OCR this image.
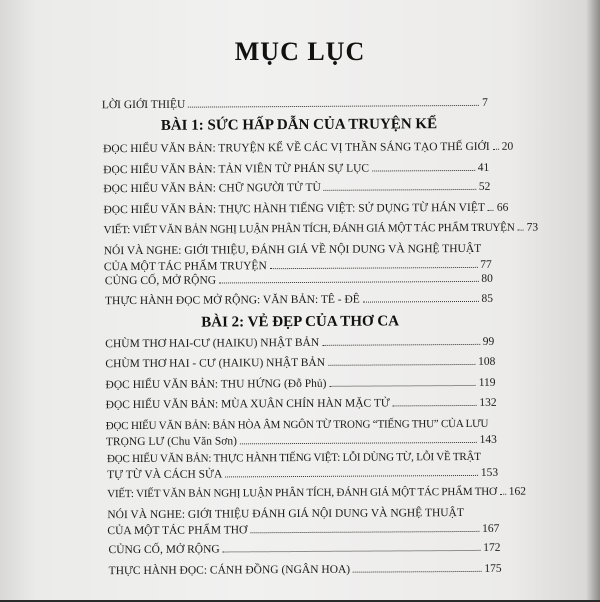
MỤC LỤC
LỜI GIỚI THIỆU	7
BÀI 1: SỨC HẤP DẪN CỦA TRUYỆN KỂ
ĐỌC HIỂU VĂN BẢN: TRUYỆN KỂ VỀ CÁC VỊ THẦN SÁNG TẠO THẾ GIỚI 20
ĐỌC HIỂU VĂN BẢN: TẢN VIÊN TỪ PHÁN SỰ LỤC	41
ĐỌC HIỂU VĂN BẢN: CHỮ NGƯỜI TỬ TÙ	52
ĐỌC HIỂU VĂN BẢN: THỰC HÀNH TIẾNG VIỆT: SỬ DỤNG TỪ HÁN VIỆT 66
VIẾT: VIẾT VĂN BẢN NGHỊ LUẬN PHÂN TÍCH, ĐÁNH GIÁ MỘT TÁC PHẨM TRUYỆN 73
NÓI VÀ NGHE: GIỚI THIỆU, ĐÁNH GIÁ VỀ NỘI DUNG VÀ NGHỆ THUẬT
CỦA MỘT TÁC PHẨM TRUYỆN	77
CỦNG CỐ, MỞ RỘNG	80
THỰC HÀNH ĐỌC MỞ RỘNG: VĂN BẢN: TÊ - ĐÊ	85
BÀI 2: VẺ ĐẸP CỦA THƠ CA
CHÙM THƠ HAI-CƯ (HAIKU) NHẬT BẢN	99
CHÙM THƠ HAI - CƯ (HAIKU) NHẬT BẢN	108
ĐỌC HIỂU VĂN BẢN: THU HỨNG (Đỗ Phủ)	119
ĐỌC HIỂU VĂN BẢN: MÙA XUÂN CHÍN HÀN MẶC TỬ	132
ĐỌC HIỂU VĂN BẢN: BẢN HÒA ÂM NGÔN TỪ TRONG “TIẾNG THU” CỦA LƯU
TRỌNG LƯ (Chu Văn Sơn)	143
ĐỌC HIỂU VĂN BẢN: THỰC HÀNH TIẾNG VIỆT: LỖI DÙNG TỪ, LỖI VỀ TRẬT
TỰ TỪ VÀ CÁCH SỬA	153
VIẾT: VIẾT VĂN BẢN NGHỊ LUẬN PHÂN TÍCH, ĐÁNH GIÁ MỘT TÁC PHẨM THƠ 162
NÓI VÀ NGHE: GIỚI THIỆU ĐÁNH GIÁ NỘI DUNG VÀ NGHỆ THUẬT
CỦA MỘT TÁC PHẨM THƠ	167
CỦNG CỐ, MỞ RỘNG	172
THỰC HÀNH ĐỌC: CÁNH ĐỒNG (NGÂN HOA)	175
